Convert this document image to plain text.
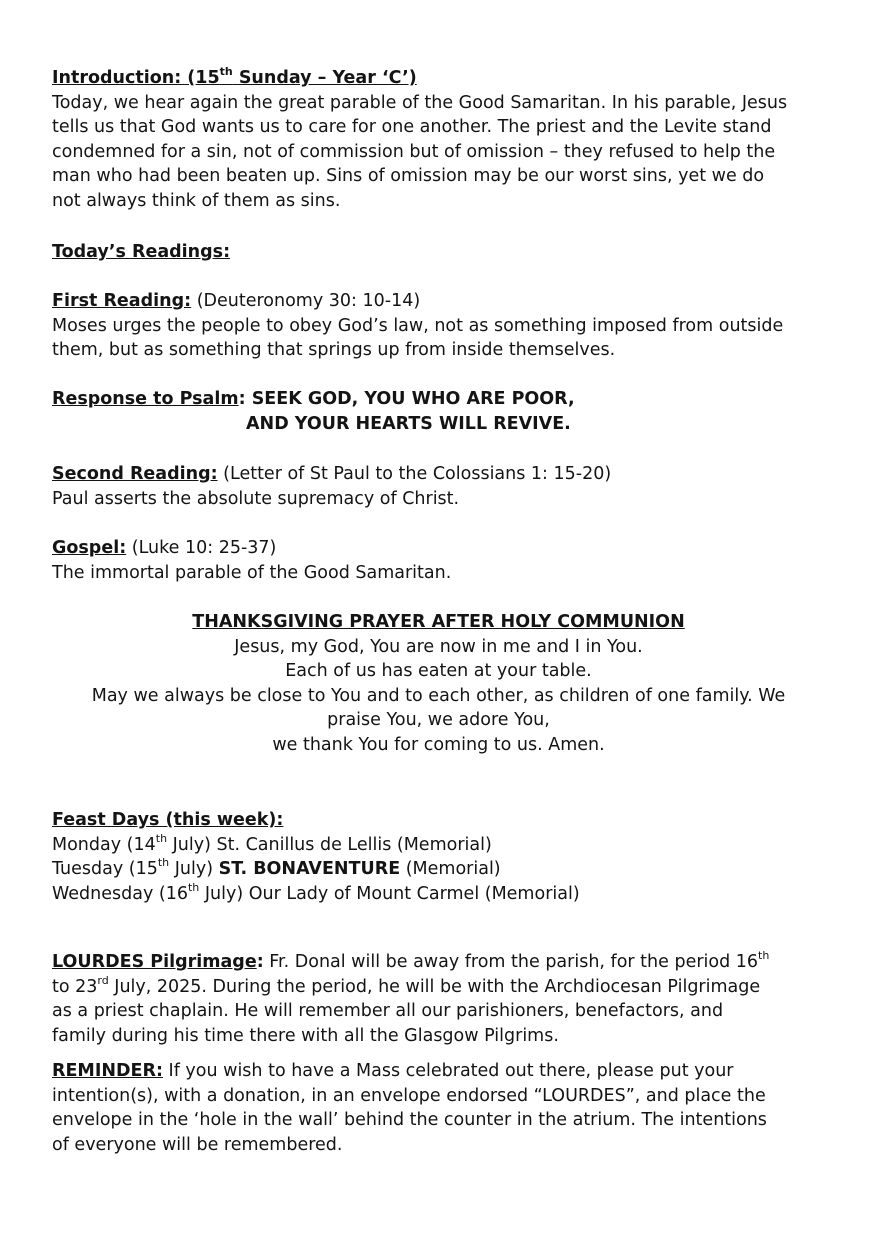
Introduction: (15th Sunday – Year ‘C’)
Today, we hear again the great parable of the Good Samaritan. In his parable, Jesus
tells us that God wants us to care for one another. The priest and the Levite stand
condemned for a sin, not of commission but of omission – they refused to help the
man who had been beaten up. Sins of omission may be our worst sins, yet we do
not always think of them as sins.
Today’s Readings:
First Reading: (Deuteronomy 30: 10-14)
Moses urges the people to obey God’s law, not as something imposed from outside
them, but as something that springs up from inside themselves.
Response to Psalm: SEEK GOD, YOU WHO ARE POOR,
AND YOUR HEARTS WILL REVIVE.
Second Reading: (Letter of St Paul to the Colossians 1: 15-20)
Paul asserts the absolute supremacy of Christ.
Gospel: (Luke 10: 25-37)
The immortal parable of the Good Samaritan.
THANKSGIVING PRAYER AFTER HOLY COMMUNION
Jesus, my God, You are now in me and I in You.
Each of us has eaten at your table.
May we always be close to You and to each other, as children of one family. We
praise You, we adore You,
we thank You for coming to us. Amen.
Feast Days (this week):
Monday (14th July) St. Canillus de Lellis (Memorial)
Tuesday (15th July) ST. BONAVENTURE (Memorial)
Wednesday (16th July) Our Lady of Mount Carmel (Memorial)
LOURDES Pilgrimage: Fr. Donal will be away from the parish, for the period 16th
to 23rd July, 2025. During the period, he will be with the Archdiocesan Pilgrimage
as a priest chaplain. He will remember all our parishioners, benefactors, and
family during his time there with all the Glasgow Pilgrims.
REMINDER: If you wish to have a Mass celebrated out there, please put your
intention(s), with a donation, in an envelope endorsed “LOURDES”, and place the
envelope in the ‘hole in the wall’ behind the counter in the atrium. The intentions
of everyone will be remembered.
